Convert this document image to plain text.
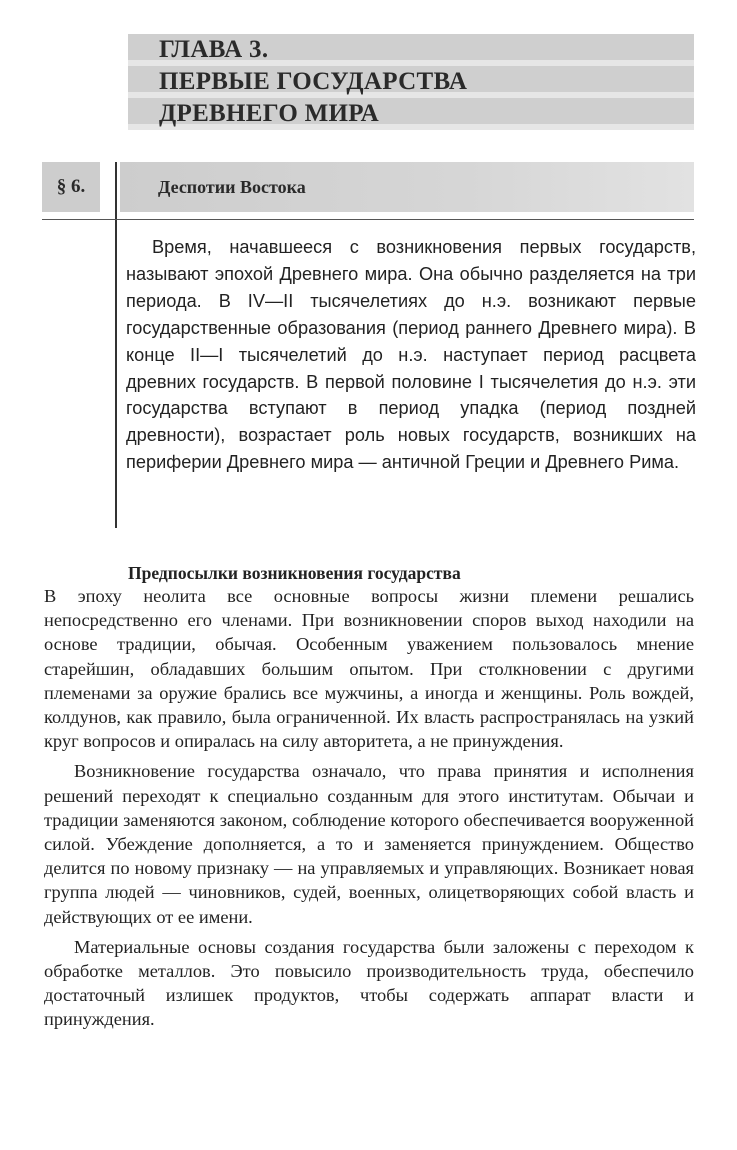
ГЛАВА 3.
ПЕРВЫЕ ГОСУДАРСТВА
ДРЕВНЕГО МИРА
§ 6.	Деспотии Востока

Время, начавшееся с возникновения первых государств, называют эпохой Древнего мира. Она обычно разделяется на три периода. В IV—II тысячелетиях до н.э. возникают первые государственные образования (период раннего Древнего мира). В конце II—I тысячелетий до н.э. наступает период расцвета древних государств. В первой половине I тысячелетия до н.э. эти государства вступают в период упадка (период поздней древности), возрастает роль новых государств, возникших на периферии Древнего мира — античной Греции и Древнего Рима.

Предпосылки возникновения государства

В эпоху неолита все основные вопросы жизни племени решались непосредственно его членами. При возникновении споров выход находили на основе традиции, обычая. Особенным уважением пользовалось мнение старейшин, обладавших большим опытом. При столкновении с другими племенами за оружие брались все мужчины, а иногда и женщины. Роль вождей, колдунов, как правило, была ограниченной. Их власть распространялась на узкий круг вопросов и опиралась на силу авторитета, а не принуждения.

Возникновение государства означало, что права принятия и исполнения решений переходят к специально созданным для этого институтам. Обычаи и традиции заменяются законом, соблюдение которого обеспечивается вооруженной силой. Убеждение дополняется, а то и заменяется принуждением. Общество делится по новому признаку — на управляемых и управляющих. Возникает новая группа людей — чиновников, судей, военных, олицетворяющих собой власть и действующих от ее имени.

Материальные основы создания государства были заложены с переходом к обработке металлов. Это повысило производительность труда, обеспечило достаточный излишек продуктов, чтобы содержать аппарат власти и принуждения.
